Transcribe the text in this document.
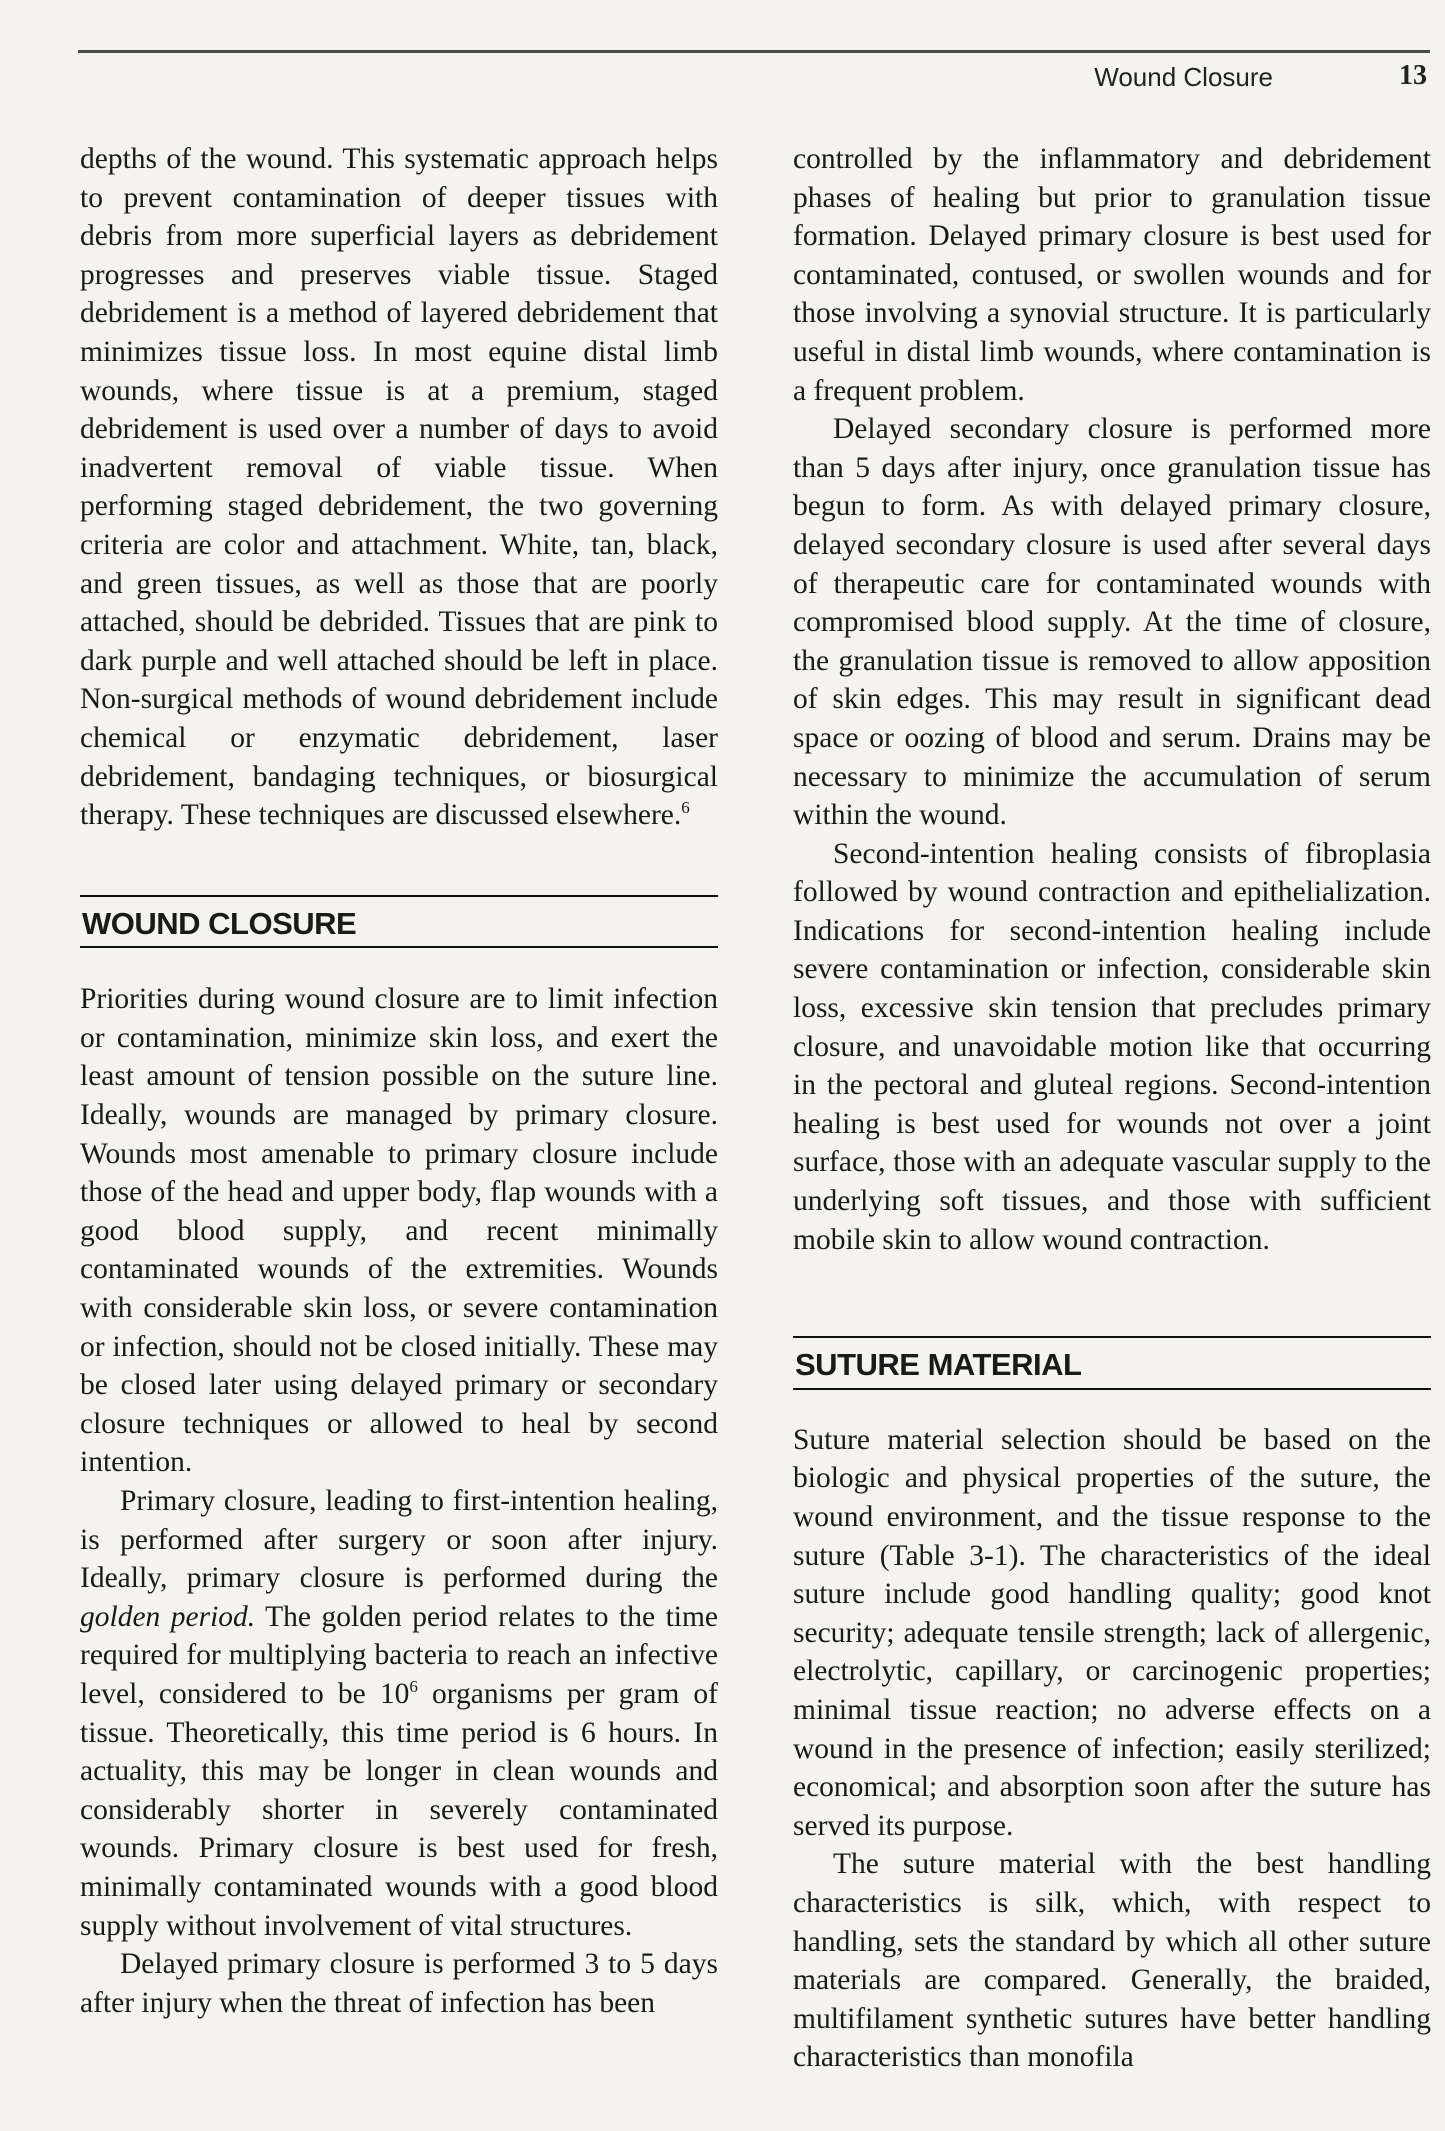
Wound Closure	13

depths of the wound. This systematic approach helps to prevent contamination of deeper tissues with debris from more superficial layers as debridement progresses and preserves viable tissue. Staged debridement is a method of layered debridement that minimizes tissue loss. In most equine distal limb wounds, where tissue is at a premium, staged debridement is used over a number of days to avoid inadvertent removal of viable tissue. When performing staged debridement, the two governing criteria are color and attachment. White, tan, black, and green tissues, as well as those that are poorly attached, should be debrided. Tissues that are pink to dark purple and well attached should be left in place. Non-surgical methods of wound debridement include chemical or enzymatic debridement, laser debridement, bandaging techniques, or biosurgical therapy. These techniques are discussed elsewhere.$^6$

WOUND CLOSURE

Priorities during wound closure are to limit infection or contamination, minimize skin loss, and exert the least amount of tension possible on the suture line. Ideally, wounds are managed by primary closure. Wounds most amenable to primary closure include those of the head and upper body, flap wounds with a good blood supply, and recent minimally contaminated wounds of the extremities. Wounds with considerable skin loss, or severe contamination or infection, should not be closed initially. These may be closed later using delayed primary or secondary closure techniques or allowed to heal by second intention.

Primary closure, leading to first-intention healing, is performed after surgery or soon after injury. Ideally, primary closure is performed during the golden period. The golden period relates to the time required for multiplying bacteria to reach an infective level, considered to be $10^6$ organisms per gram of tissue. Theoretically, this time period is 6 hours. In actuality, this may be longer in clean wounds and considerably shorter in severely contaminated wounds. Primary closure is best used for fresh, minimally contaminated wounds with a good blood supply without involvement of vital structures.

Delayed primary closure is performed 3 to 5 days after injury when the threat of infection has been

controlled by the inflammatory and debridement phases of healing but prior to granulation tissue formation. Delayed primary closure is best used for contaminated, contused, or swollen wounds and for those involving a synovial structure. It is particularly useful in distal limb wounds, where contamination is a frequent problem.

Delayed secondary closure is performed more than 5 days after injury, once granulation tissue has begun to form. As with delayed primary closure, delayed secondary closure is used after several days of therapeutic care for contaminated wounds with compromised blood supply. At the time of closure, the granulation tissue is removed to allow apposition of skin edges. This may result in significant dead space or oozing of blood and serum. Drains may be necessary to minimize the accumulation of serum within the wound.

Second-intention healing consists of fibroplasia followed by wound contraction and epithelialization. Indications for second-intention healing include severe contamination or infection, considerable skin loss, excessive skin tension that precludes primary closure, and unavoidable motion like that occurring in the pectoral and gluteal regions. Second-intention healing is best used for wounds not over a joint surface, those with an adequate vascular supply to the underlying soft tissues, and those with sufficient mobile skin to allow wound contraction.

SUTURE MATERIAL

Suture material selection should be based on the biologic and physical properties of the suture, the wound environment, and the tissue response to the suture (Table 3-1). The characteristics of the ideal suture include good handling quality; good knot security; adequate tensile strength; lack of allergenic, electrolytic, capillary, or carcinogenic properties; minimal tissue reaction; no adverse effects on a wound in the presence of infection; easily sterilized; economical; and absorption soon after the suture has served its purpose.

The suture material with the best handling characteristics is silk, which, with respect to handling, sets the standard by which all other suture materials are compared. Generally, the braided, multifilament synthetic sutures have better handling characteristics than monofila
